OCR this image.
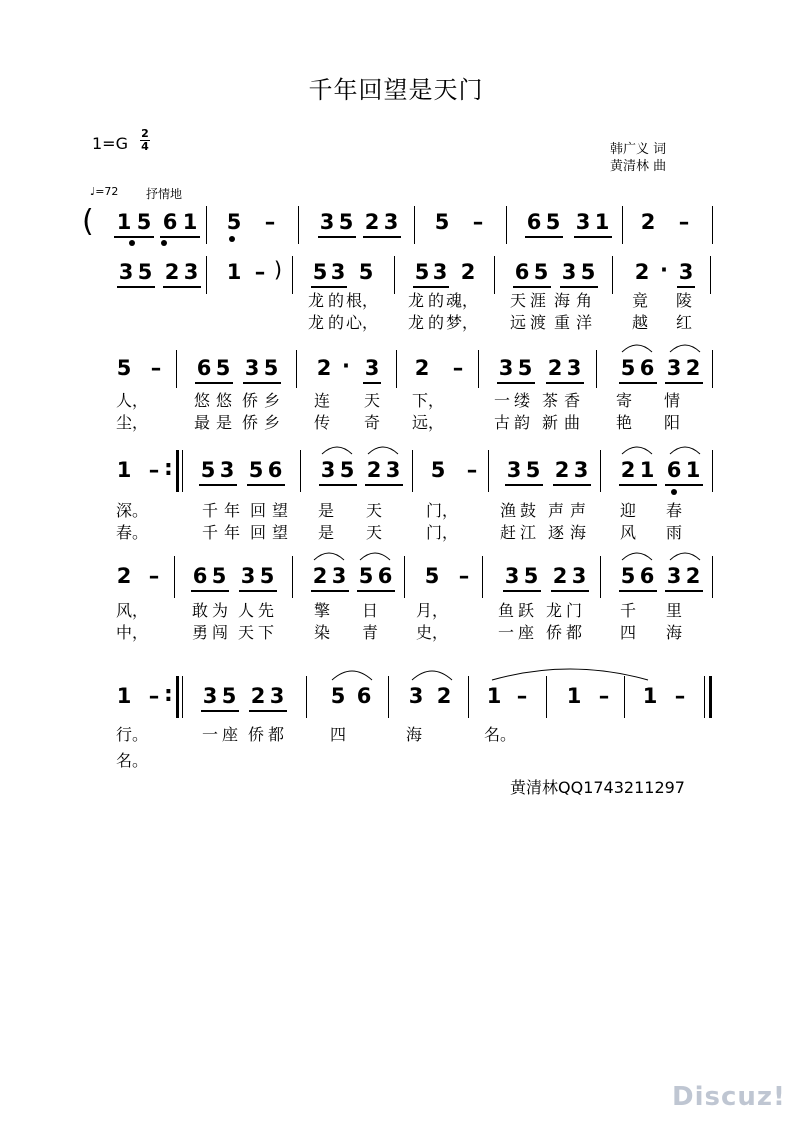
千年回望是天门
1=G
2
4	韩广义 词
黄清林 曲
♩=72 抒情地
( 1 5 6 1 5	–	3 5 2 3 5	–	6 5 3 1 2	–
3 5 2 3 1 – )	5 3 5 5 3 2 6 5 3 5 2 · 3
龙 的 根， 龙 的 魂， 天 涯 海 角 竟 陵
龙 的 心， 龙 的 梦， 远 渡 重 洋 越 红
5 –	6 5 3 5 2 · 3 2	–	3 5 2 3 5 6 3 2
人，	悠 悠 侨 乡 连 天 下，	一 缕 茶 香 寄 情
尘，	最 是 侨 乡 传 奇 远，	古 韵 新 曲 艳 阳
1 – : 5 3 5 6 3 5 2 3 5	–	3 5 2 3 2 1 6 1
深。	千 年 回 望 是 天	门，	渔 鼓 声 声 迎 春
春。	千 年 回 望 是 天	门，	赶 江 逐 海 风 雨
2 –	6 5 3 5 2 3 5 6 5 –	3 5 2 3 5 6 3 2
风，	敢 为 人 先 擎 日 月，	鱼 跃 龙 门 千 里
中，	勇 闯 天 下 染 青 史，	一 座 侨 都 四 海
1 – : 3 5 2 3 5 6 3 2 1 –	1 –	1 –
行。	一 座 侨 都	四	海	名。
名。
黄清林QQ1743211297
Discuz!
